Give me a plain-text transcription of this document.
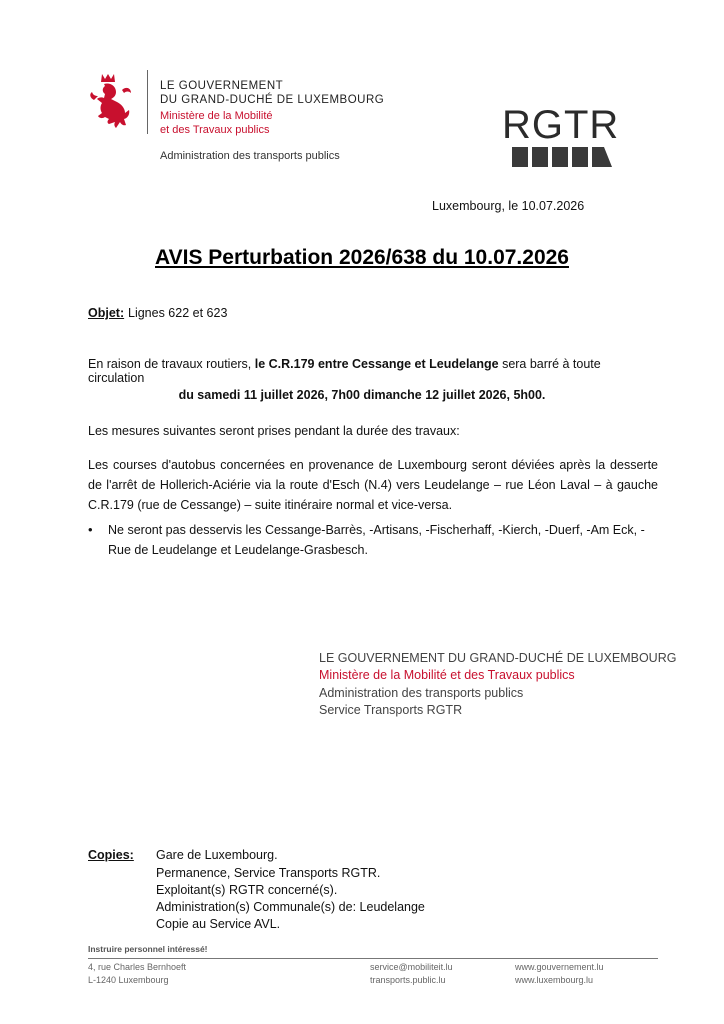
LE GOUVERNEMENT
DU GRAND-DUCHÉ DE LUXEMBOURG
Ministère de la Mobilité
et des Travaux publics
Administration des transports publics
RGTR
Luxembourg, le 10.07.2026
AVIS Perturbation 2026/638 du 10.07.2026
Objet: Lignes 622 et 623
En raison de travaux routiers, le C.R.179 entre Cessange et Leudelange sera barré à toute circulation
du samedi 11 juillet 2026, 7h00 dimanche 12 juillet 2026, 5h00.
Les mesures suivantes seront prises pendant la durée des travaux:
Les courses d'autobus concernées en provenance de Luxembourg seront déviées après la desserte de l'arrêt de Hollerich-Aciérie via la route d'Esch (N.4) vers Leudelange – rue Léon Laval – à gauche C.R.179 (rue de Cessange) – suite itinéraire normal et vice-versa.
• Ne seront pas desservis les Cessange-Barrès, -Artisans, -Fischerhaff, -Kierch, -Duerf, -Am Eck, -Rue de Leudelange et Leudelange-Grasbesch.
LE GOUVERNEMENT DU GRAND-DUCHÉ DE LUXEMBOURG
Ministère de la Mobilité et des Travaux publics
Administration des transports publics
Service Transports RGTR
Copies: Gare de Luxembourg.
Permanence, Service Transports RGTR.
Exploitant(s) RGTR concerné(s).
Administration(s) Communale(s) de: Leudelange
Copie au Service AVL.
Instruire personnel intéressé!
4, rue Charles Bernhoeft
L-1240 Luxembourg
service@mobiliteit.lu
transports.public.lu
www.gouvernement.lu
www.luxembourg.lu
